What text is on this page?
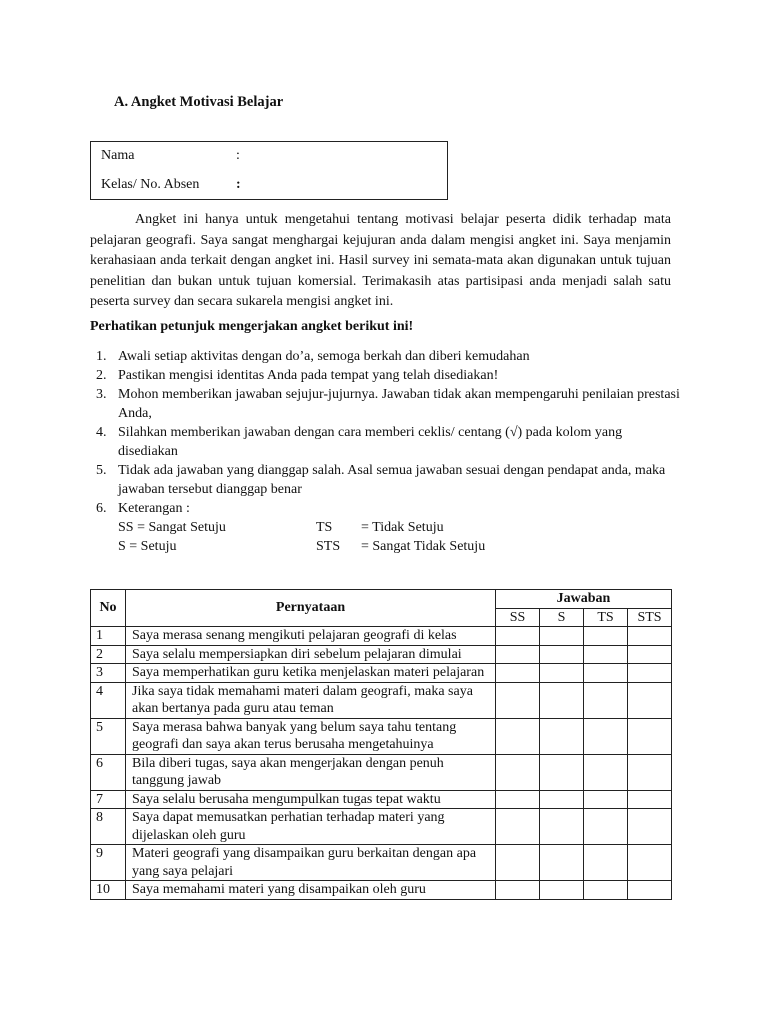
A. Angket Motivasi Belajar
Nama	:
Kelas/ No. Absen	:
Angket ini hanya untuk mengetahui tentang motivasi belajar peserta didik terhadap mata pelajaran geografi. Saya sangat menghargai kejujuran anda dalam mengisi angket ini. Saya menjamin kerahasiaan anda terkait dengan angket ini. Hasil survey ini semata-mata akan digunakan untuk tujuan penelitian dan bukan untuk tujuan komersial. Terimakasih atas partisipasi anda menjadi salah satu peserta survey dan secara sukarela mengisi angket ini.
Perhatikan petunjuk mengerjakan angket berikut ini!
1. Awali setiap aktivitas dengan do’a, semoga berkah dan diberi kemudahan
2. Pastikan mengisi identitas Anda pada tempat yang telah disediakan!
3. Mohon memberikan jawaban sejujur-jujurnya. Jawaban tidak akan mempengaruhi penilaian prestasi Anda,
4. Silahkan memberikan jawaban dengan cara memberi ceklis/ centang (√) pada kolom yang disediakan
5. Tidak ada jawaban yang dianggap salah. Asal semua jawaban sesuai dengan pendapat anda, maka jawaban tersebut dianggap benar
6. Keterangan :
SS = Sangat Setuju	TS = Tidak Setuju
S = Setuju	STS = Sangat Tidak Setuju
No	Pernyataan	Jawaban			
		SS	S	TS	STS
1	Saya merasa senang mengikuti pelajaran geografi di kelas				
2	Saya selalu mempersiapkan diri sebelum pelajaran dimulai				
3	Saya memperhatikan guru ketika menjelaskan materi pelajaran				
4	Jika saya tidak memahami materi dalam geografi, maka saya akan bertanya pada guru atau teman				
5	Saya merasa bahwa banyak yang belum saya tahu tentang geografi dan saya akan terus berusaha mengetahuinya				
6	Bila diberi tugas, saya akan mengerjakan dengan penuh tanggung jawab				
7	Saya selalu berusaha mengumpulkan tugas tepat waktu				
8	Saya dapat memusatkan perhatian terhadap materi yang dijelaskan oleh guru				
9	Materi geografi yang disampaikan guru berkaitan dengan apa yang saya pelajari				
10	Saya memahami materi yang disampaikan oleh guru				
